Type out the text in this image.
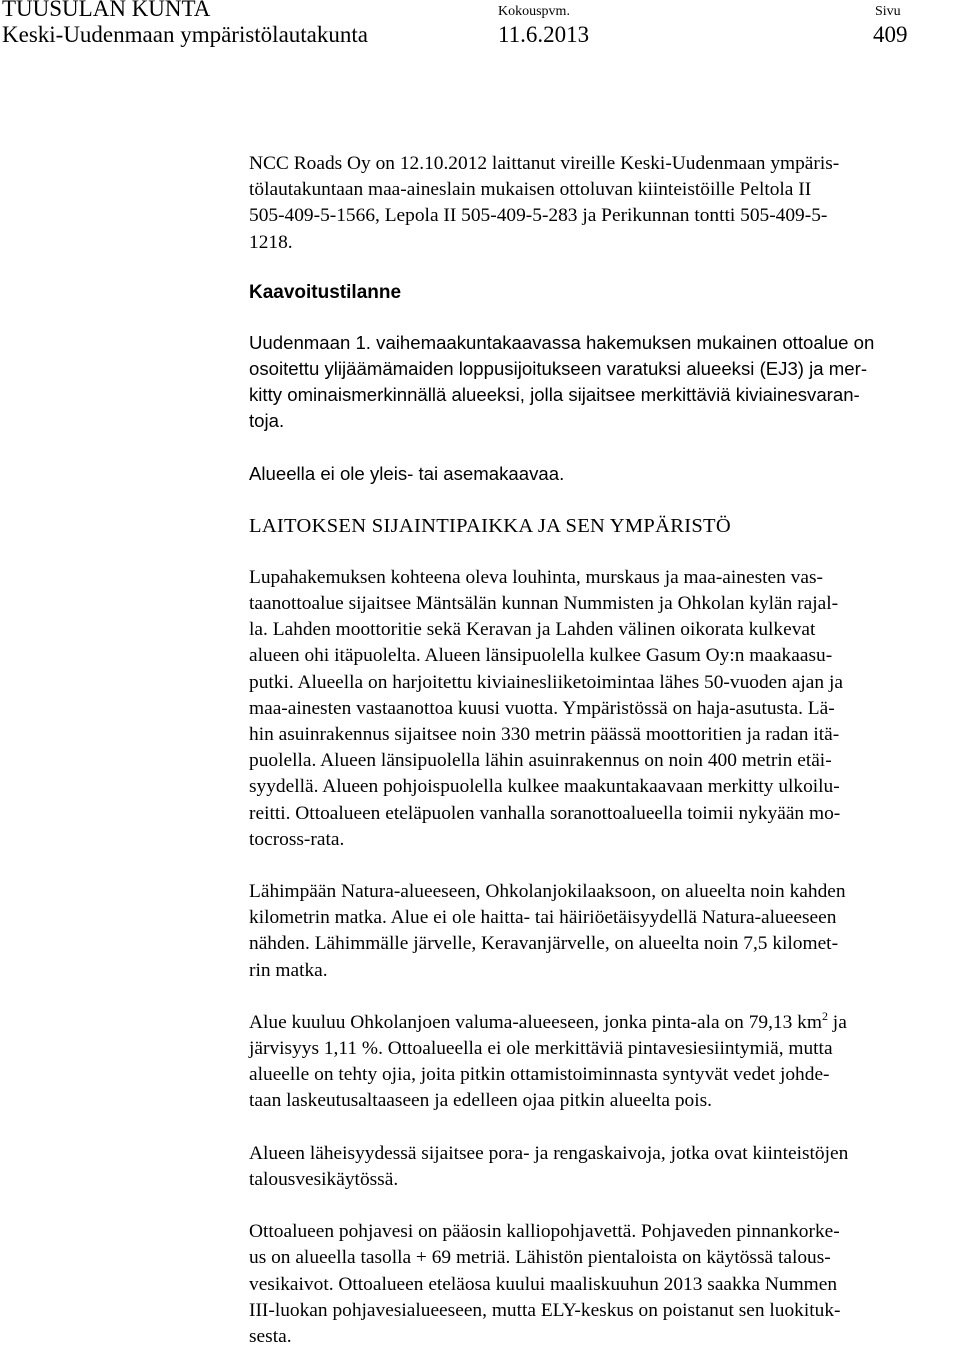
TUUSULAN KUNTA
Keski-Uudenmaan ympäristölautakunta
Kokouspvm.
11.6.2013
Sivu
409
NCC Roads Oy on 12.10.2012 laittanut vireille Keski-Uudenmaan ympäris-
tölautakuntaan maa-aineslain mukaisen ottoluvan kiinteistöille Peltola II
505-409-5-1566, Lepola II 505-409-5-283 ja Perikunnan tontti 505-409-5-
1218.
Kaavoitustilanne
Uudenmaan 1. vaihemaakuntakaavassa hakemuksen mukainen ottoalue on
osoitettu ylijäämämaiden loppusijoitukseen varatuksi alueeksi (EJ3) ja mer-
kitty ominaismerkinnällä alueeksi, jolla sijaitsee merkittäviä kiviainesvaran-
toja.
Alueella ei ole yleis- tai asemakaavaa.
LAITOKSEN SIJAINTIPAIKKA JA SEN YMPÄRISTÖ
Lupahakemuksen kohteena oleva louhinta, murskaus ja maa-ainesten vas-
taanottoalue sijaitsee Mäntsälän kunnan Nummisten ja Ohkolan kylän rajal-
la. Lahden moottoritie sekä Keravan ja Lahden välinen oikorata kulkevat
alueen ohi itäpuolelta. Alueen länsipuolella kulkee Gasum Oy:n maakaasu-
putki. Alueella on harjoitettu kiviainesliiketoimintaa lähes 50-vuoden ajan ja
maa-ainesten vastaanottoa kuusi vuotta. Ympäristössä on haja-asutusta. Lä-
hin asuinrakennus sijaitsee noin 330 metrin päässä moottoritien ja radan itä-
puolella. Alueen länsipuolella lähin asuinrakennus on noin 400 metrin etäi-
syydellä. Alueen pohjoispuolella kulkee maakuntakaavaan merkitty ulkoilu-
reitti. Ottoalueen eteläpuolen vanhalla soranottoalueella toimii nykyään mo-
tocross-rata.
Lähimpään Natura-alueeseen, Ohkolanjokilaaksoon, on alueelta noin kahden
kilometrin matka. Alue ei ole haitta- tai häiriöetäisyydellä Natura-alueeseen
nähden. Lähimmälle järvelle, Keravanjärvelle, on alueelta noin 7,5 kilomet-
rin matka.
Alue kuuluu Ohkolanjoen valuma-alueeseen, jonka pinta-ala on 79,13 $km^2$ ja
järvisyys 1,11 %. Ottoalueella ei ole merkittäviä pintavesiesiintymiä, mutta
alueelle on tehty ojia, joita pitkin ottamistoiminnasta syntyvät vedet johde-
taan laskeutusaltaaseen ja edelleen ojaa pitkin alueelta pois.
Alueen läheisyydessä sijaitsee pora- ja rengaskaivoja, jotka ovat kiinteistöjen
talousvesikäytössä.
Ottoalueen pohjavesi on pääosin kalliopohjavettä. Pohjaveden pinnankorke-
us on alueella tasolla + 69 metriä. Lähistön pientaloista on käytössä talous-
vesikaivot. Ottoalueen eteläosa kuului maaliskuuhun 2013 saakka Nummen
III-luokan pohjavesialueeseen, mutta ELY-keskus on poistanut sen luokituk-
sesta.
